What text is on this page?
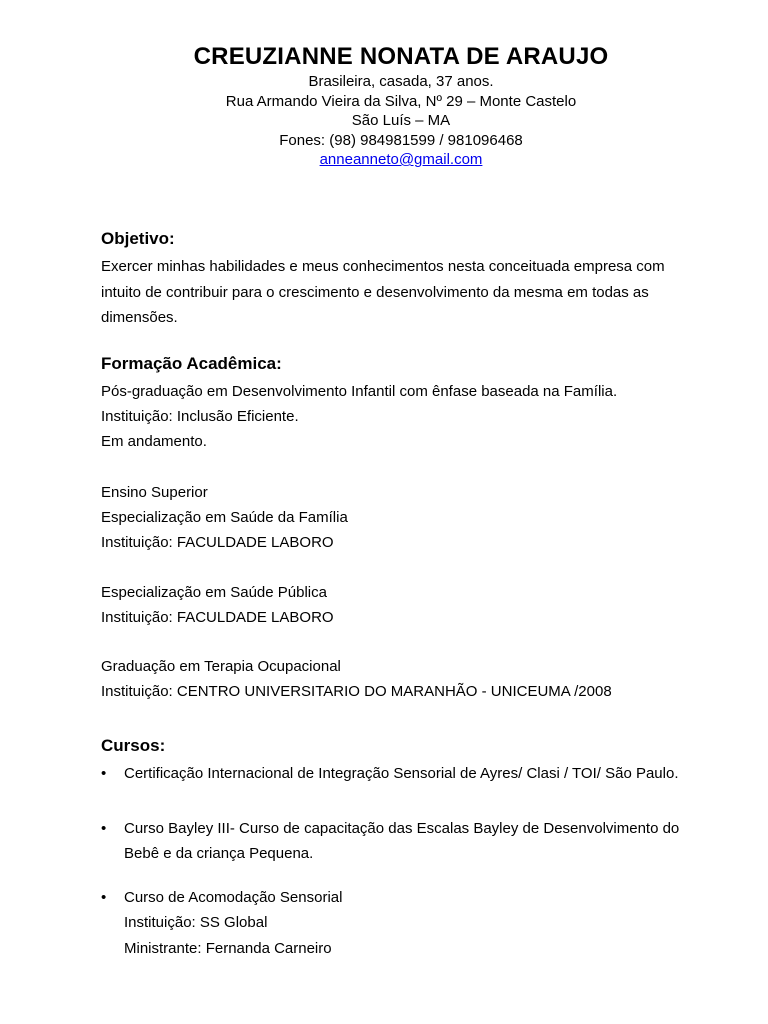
CREUZIANNE NONATA DE ARAUJO

Brasileira, casada, 37 anos.

Rua Armando Vieira da Silva, Nº 29 – Monte Castelo

São Luís – MA

Fones: (98) 984981599 / 981096468

anneanneto@gmail.com

Objetivo:

Exercer minhas habilidades e meus conhecimentos nesta conceituada empresa com

intuito de contribuir para o crescimento e desenvolvimento da mesma em todas as

dimensões.

Formação Acadêmica:

Pós-graduação em Desenvolvimento Infantil com ênfase baseada na Família.

Instituição: Inclusão Eficiente.

Em andamento.

Ensino Superior

Especialização em Saúde da Família

Instituição: FACULDADE LABORO

Especialização em Saúde Pública

Instituição: FACULDADE LABORO

Graduação em Terapia Ocupacional

Instituição: CENTRO UNIVERSITARIO DO MARANHÃO - UNICEUMA /2008

Cursos:
• Certificação Internacional de Integração Sensorial de Ayres/ Clasi / TOI/ São Paulo.
• Curso Bayley III- Curso de capacitação das Escalas Bayley de Desenvolvimento do
Bebê e da criança Pequena.
• Curso de Acomodação Sensorial
Instituição: SS Global
Ministrante: Fernanda Carneiro
